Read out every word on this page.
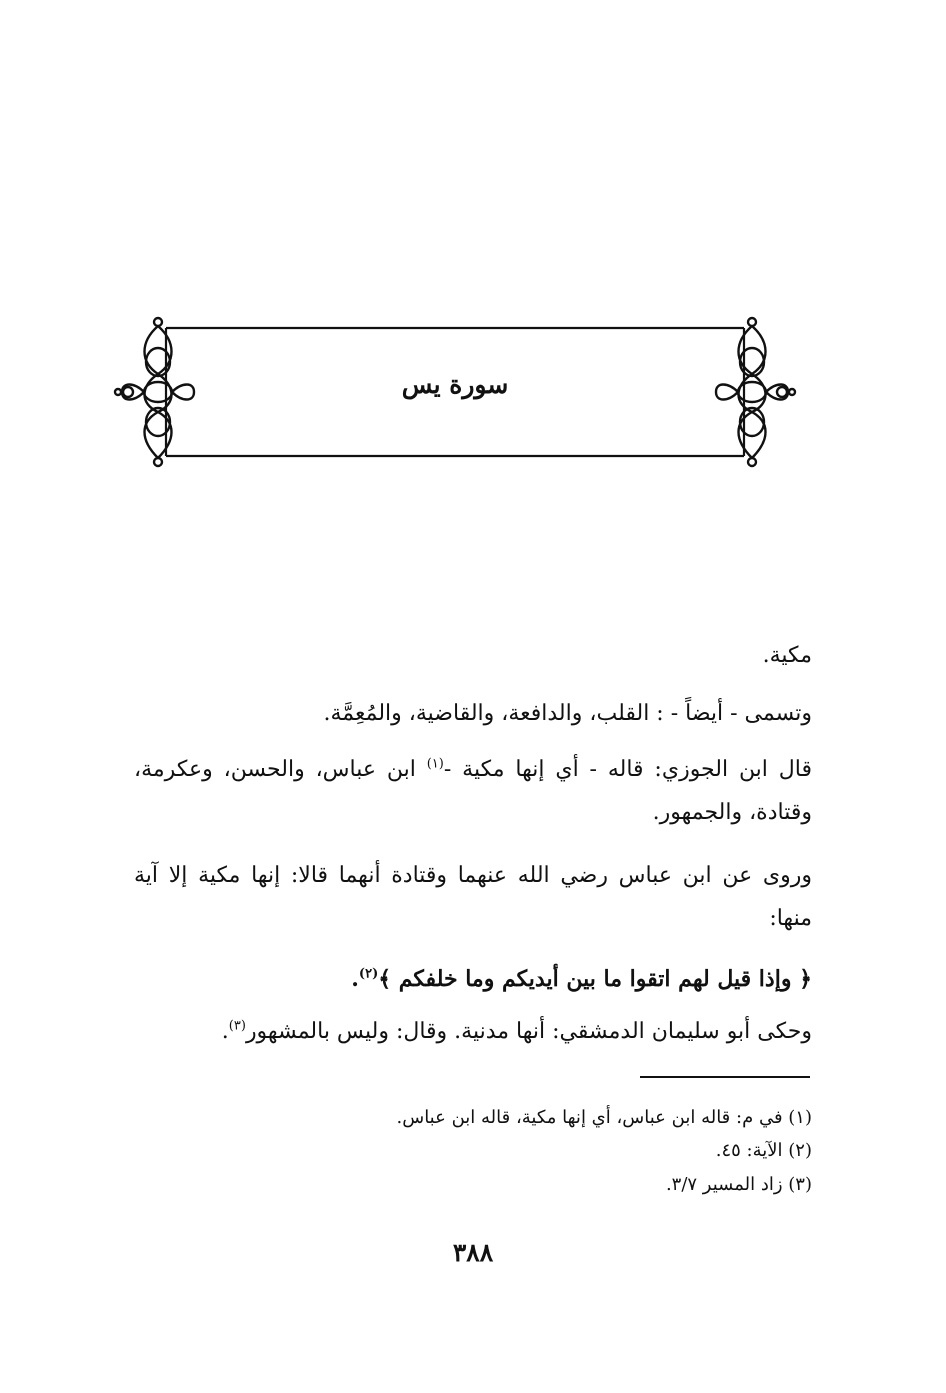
سورة يس
مكية.
وتسمى - أيضاً - : القلب، والدافعة، والقاضية، والمُعِمَّة.
قال ابن الجوزي: قاله - أي إنها مكية -$^{(١)}$ ابن عباس، والحسن، وعكرمة، وقتادة، والجمهور.
وروى عن ابن عباس رضي الله عنهما وقتادة أنهما قالا: إنها مكية إلا آية منها:
﴿ وإذا قيل لهم اتقوا ما بين أيديكم وما خلفكم ﴾$^{(٢)}$.
وحكى أبو سليمان الدمشقي: أنها مدنية. وقال: وليس بالمشهور$^{(٣)}$.
(١) في م: قاله ابن عباس، أي إنها مكية، قاله ابن عباس.
(٢) الآية: ٤٥.
(٣) زاد المسير ٣/٧.
٣٨٨
